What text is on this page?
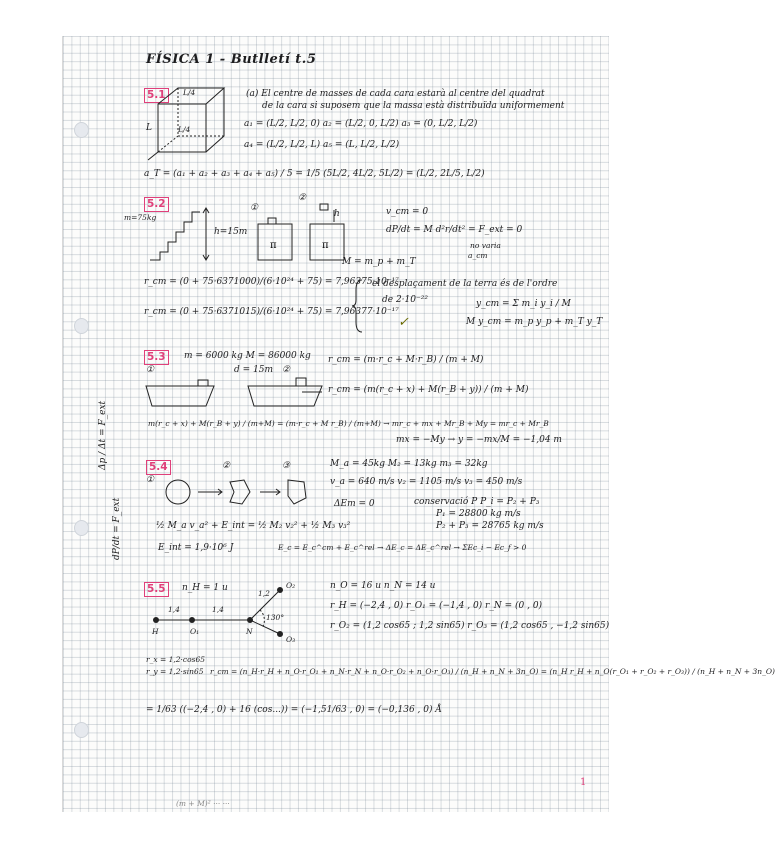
FÍSICA 1 - Butlletí t.5
1
Δp / Δt = F_ext
dP/dt = F_ext
5.1	L/4
L	L/4
(a) El centre de masses de cada cara estarà al centre del quadrat
de la cara si suposem que la massa està distribuïda uniformement
a₁ = (L/2, L/2, 0) a₂ = (L/2, 0, L/2) a₃ = (0, L/2, L/2)
a₄ = (L/2, L/2, L) a₅ = (L, L/2, L/2)
a_T = (a₁ + a₂ + a₃ + a₄ + a₅) / 5 = 1/5 (5L/2, 4L/2, 5L/2) = (L/2, 2L/5, L/2)
5.2
m=75kg
h=15m
①
②
π	π
h	v_cm = 0
dP/dt = M d²r/dt² = F_ext = 0
no varia
a_cm
M = m_p + m_T
r_cm = (0 + 75·6371000)/(6·10²⁴ + 75) = 7,96375·10⁻¹⁷
r_cm = (0 + 75·6371015)/(6·10²⁴ + 75) = 7,96377·10⁻¹⁷
el desplaçament de la terra és de l'ordre
de 2·10⁻²²	y_cm = Σ m_i y_i / M
M y_cm = m_p y_p + m_T y_T
✓
5.3	m = 6000 kg M = 86000 kg
d = 15m
①	②
r_cm = (m·r_c + M·r_B) / (m + M)
r_cm = (m(r_c + x) + M(r_B + y)) / (m + M)
m(r_c + x) + M(r_B + y) / (m+M) = (m·r_c + M r_B) / (m+M) → mr_c + mx + Mr_B + My = mr_c + Mr_B
mx = −My → y = −mx/M = −1,04 m
5.4
①
②	③	M_a = 45kg M₂ = 13kg m₃ = 32kg
v_a = 640 m/s v₂ = 1105 m/s v₃ = 450 m/s
ΔEm = 0	conservació P P_i = P₂ + P₃
P₁ = 28800 kg m/s
P₂ + P₃ = 28765 kg m/s
½ M_a v_a² + E_int = ½ M₂ v₂² + ½ M₃ v₃²
E_int = 1,9·10⁶ J	E_c = E_c^cm + E_c^rel → ΔE_c = ΔE_c^rel → ΣEc_i − Ec_f > 0
5.5	n_H = 1 u	n_O = 16 u n_N = 14 u
r_H = (−2,4 , 0) r_O₁ = (−1,4 , 0) r_N = (0 , 0)
r_O₂ = (1,2 cos65 ; 1,2 sin65) r_O₃ = (1,2 cos65 , −1,2 sin65)
H	O₁	N
O₂
O₃
1,4	1,4
1,2
130°
r_x = 1,2·cos65
r_y = 1,2·sin65 r_cm = (n_H·r_H + n_O·r_O₁ + n_N·r_N + n_O·r_O₂ + n_O·r_O₃) / (n_H + n_N + 3n_O) = (n_H r_H + n_O(r_O₁ + r_O₂ + r_O₃)) / (n_H + n_N + 3n_O)
= 1/63 ((−2,4 , 0) + 16 (cos...)) = (−1,51/63 , 0) = (−0,136 , 0) Å
(m + M)² ··· ···
